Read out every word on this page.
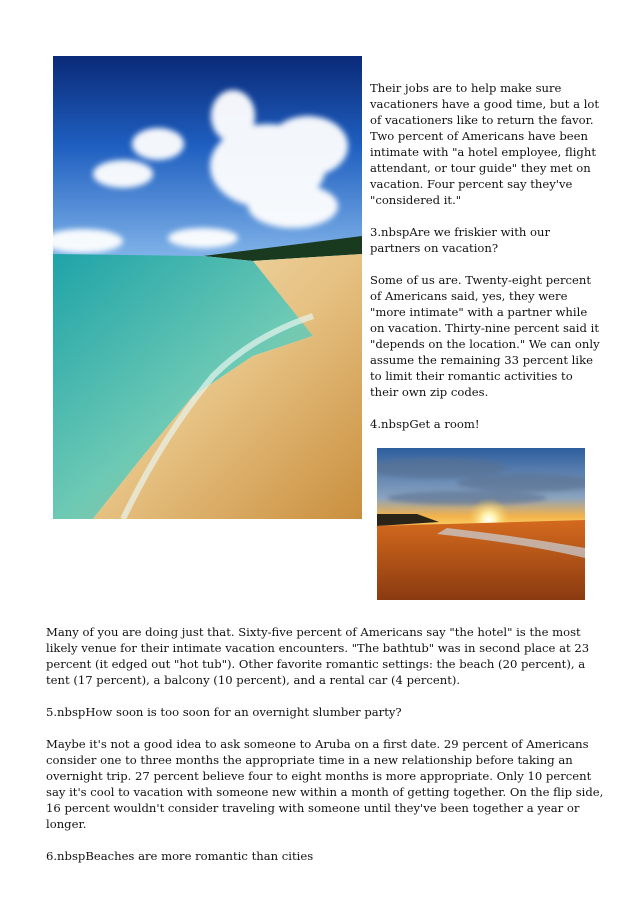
Their jobs are to help make sure vacationers have a good time, but a lot of vacationers like to return the favor. Two percent of Americans have been intimate with "a hotel employee, flight attendant, or tour guide" they met on vacation. Four percent say they've "considered it."

3.nbspAre we friskier with our partners on vacation?

Some of us are. Twenty-eight percent of Americans said, yes, they were "more intimate" with a partner while on vacation. Thirty-nine percent said it "depends on the location." We can only assume the remaining 33 percent like to limit their romantic activities to their own zip codes.

4.nbspGet a room!

Many of you are doing just that. Sixty-five percent of Americans say "the hotel" is the most likely venue for their intimate vacation encounters. "The bathtub" was in second place at 23 percent (it edged out "hot tub"). Other favorite romantic settings: the beach (20 percent), a tent (17 percent), a balcony (10 percent), and a rental car (4 percent).

5.nbspHow soon is too soon for an overnight slumber party?

Maybe it's not a good idea to ask someone to Aruba on a first date. 29 percent of Americans consider one to three months the appropriate time in a new relationship before taking an overnight trip. 27 percent believe four to eight months is more appropriate. Only 10 percent say it's cool to vacation with someone new within a month of getting together. On the flip side, 16 percent wouldn't consider traveling with someone until they've been together a year or longer.

6.nbspBeaches are more romantic than cities
